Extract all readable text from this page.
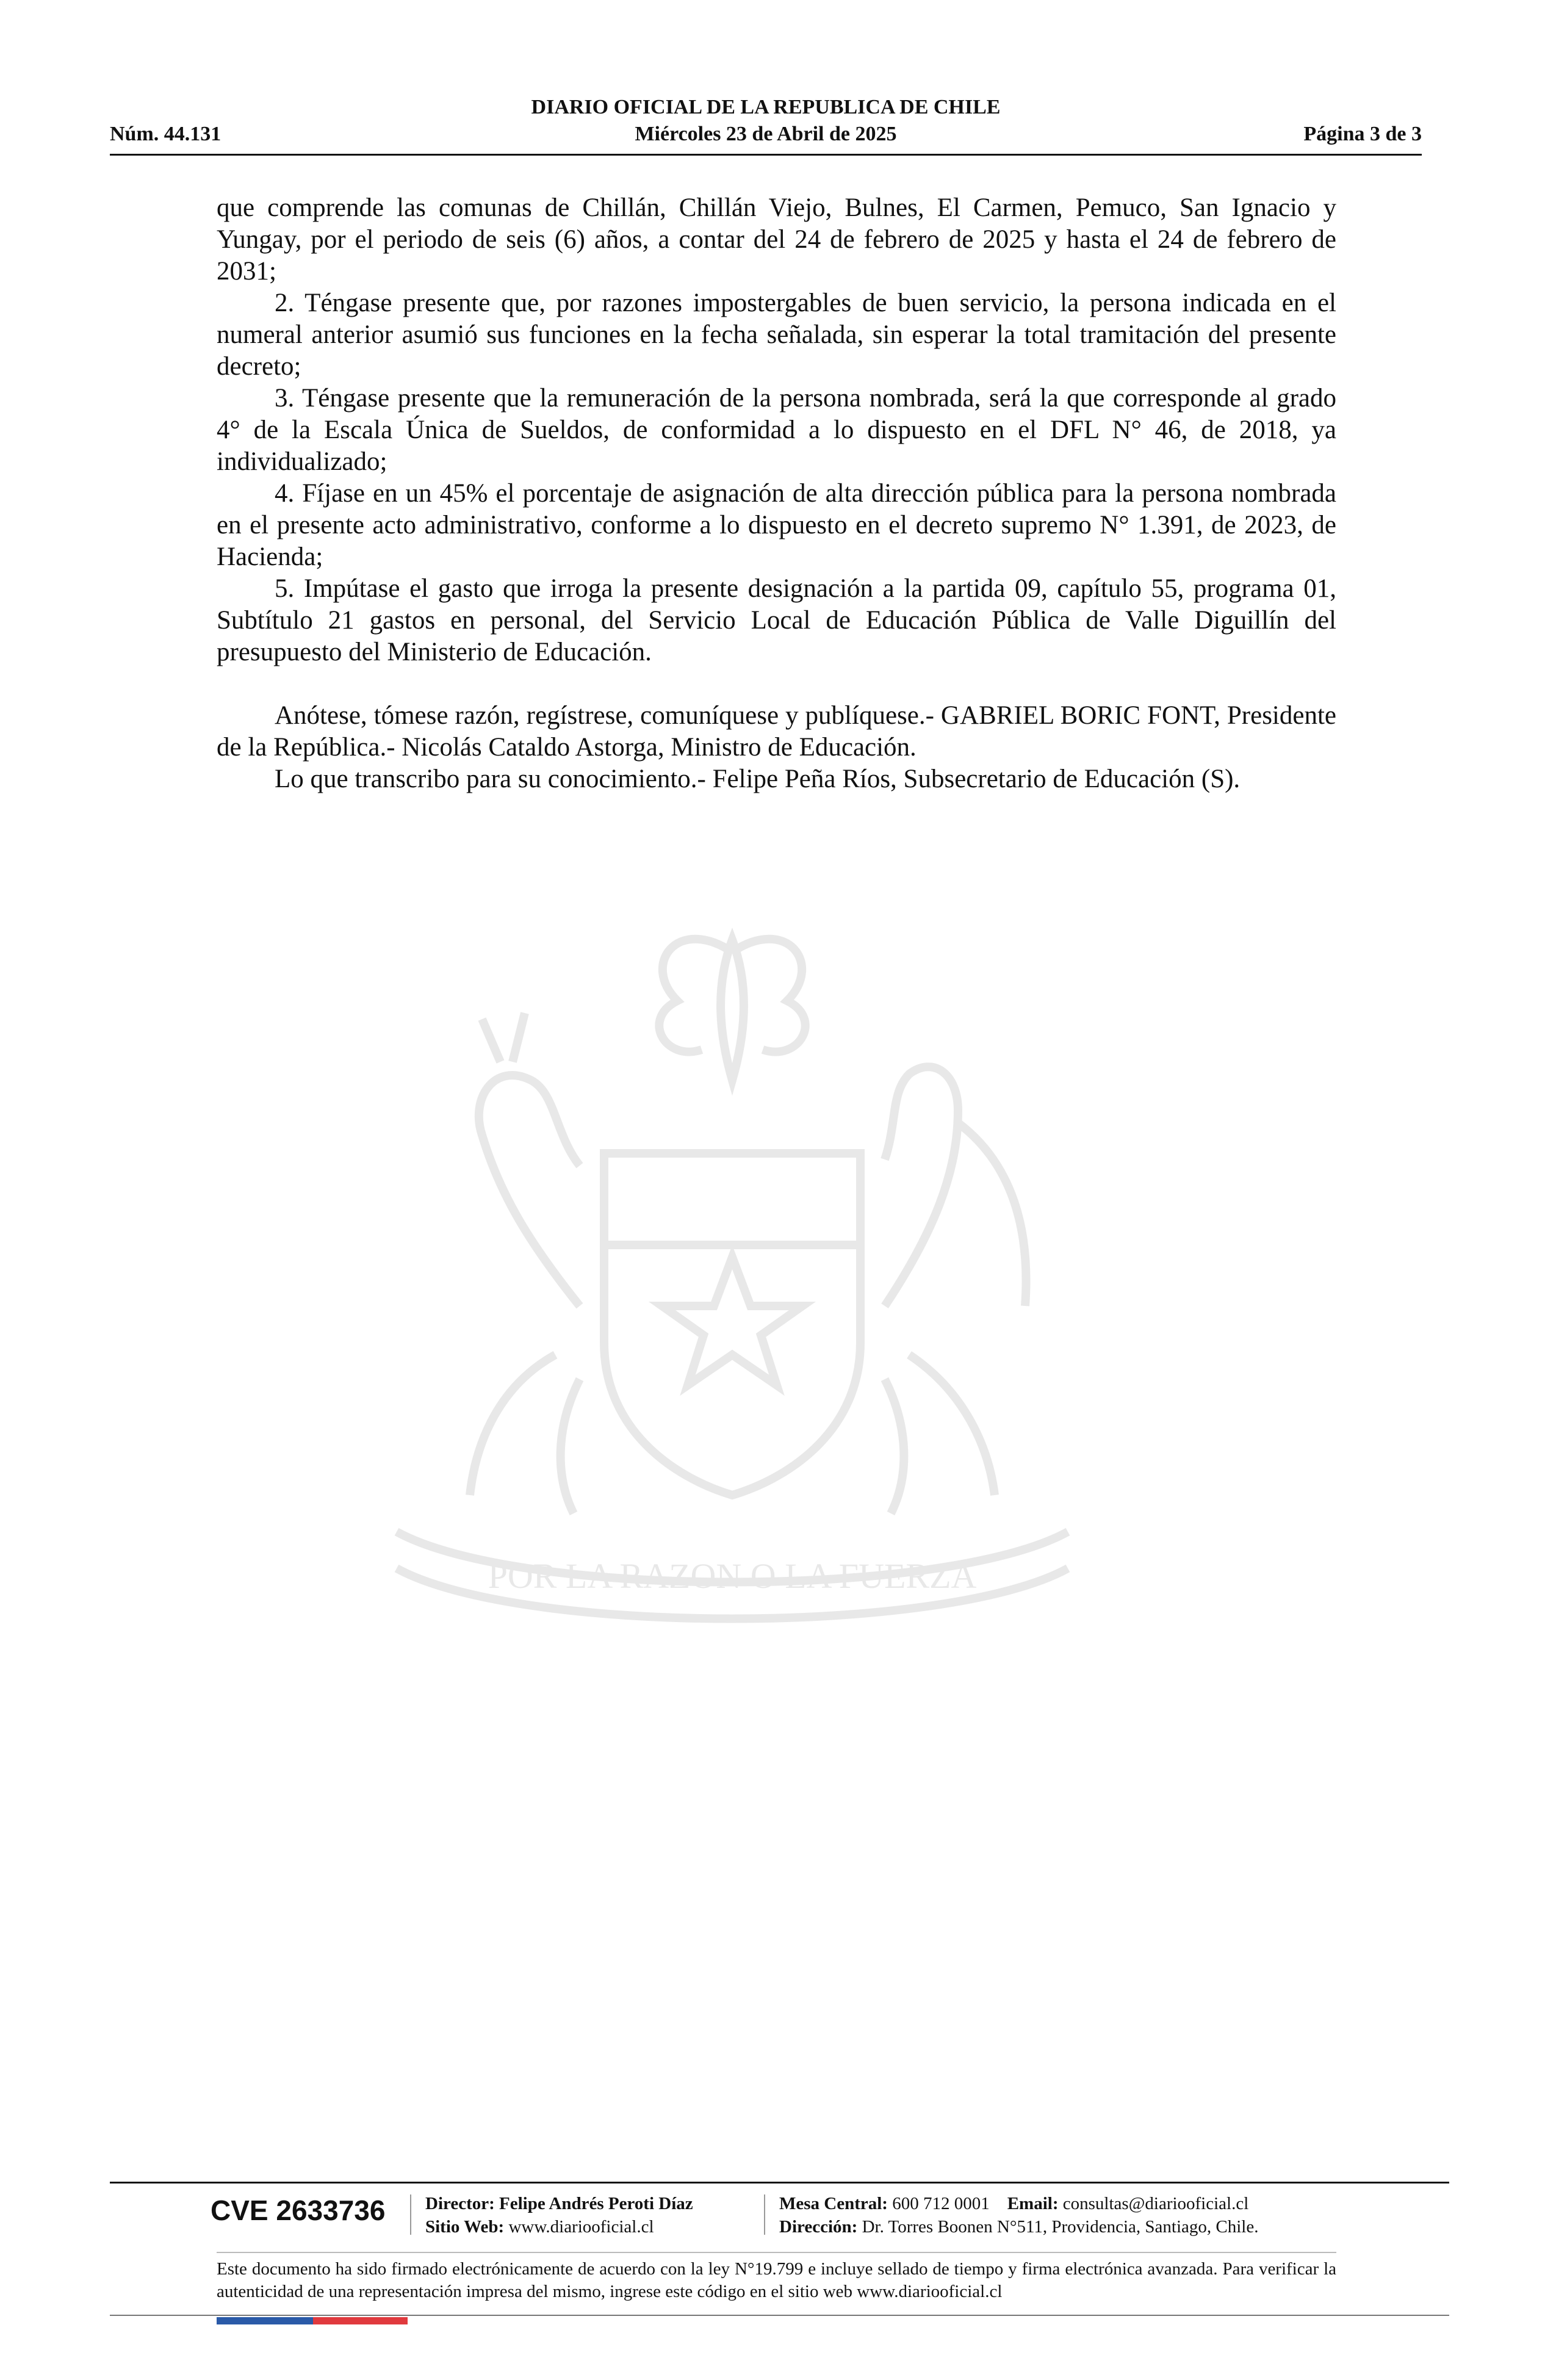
DIARIO OFICIAL DE LA REPUBLICA DE CHILE
Núm. 44.131	Miércoles 23 de Abril de 2025	Página 3 de 3
POR LA RAZON O LA FUERZA

que comprende las comunas de Chillán, Chillán Viejo, Bulnes, El Carmen, Pemuco, San Ignacio y Yungay, por el periodo de seis (6) años, a contar del 24 de febrero de 2025 y hasta el 24 de febrero de 2031;

2. Téngase presente que, por razones impostergables de buen servicio, la persona indicada en el numeral anterior asumió sus funciones en la fecha señalada, sin esperar la total tramitación del presente decreto;

3. Téngase presente que la remuneración de la persona nombrada, será la que corresponde al grado 4° de la Escala Única de Sueldos, de conformidad a lo dispuesto en el DFL N° 46, de 2018, ya individualizado;

4. Fíjase en un 45% el porcentaje de asignación de alta dirección pública para la persona nombrada en el presente acto administrativo, conforme a lo dispuesto en el decreto supremo N° 1.391, de 2023, de Hacienda;

5. Impútase el gasto que irroga la presente designación a la partida 09, capítulo 55, programa 01, Subtítulo 21 gastos en personal, del Servicio Local de Educación Pública de Valle Diguillín del presupuesto del Ministerio de Educación.

Anótese, tómese razón, regístrese, comuníquese y publíquese.- GABRIEL BORIC FONT, Presidente de la República.- Nicolás Cataldo Astorga, Ministro de Educación.

Lo que transcribo para su conocimiento.- Felipe Peña Ríos, Subsecretario de Educación (S).

CVE 2633736 Director: Felipe Andrés Peroti Díaz
Sitio Web: www.diariooficial.cl
Mesa Central: 600 712 0001 Email: consultas@diariooficial.cl
Dirección: Dr. Torres Boonen N°511, Providencia, Santiago, Chile.
Este documento ha sido firmado electrónicamente de acuerdo con la ley N°19.799 e incluye sellado de tiempo y firma electrónica avanzada. Para verificar la autenticidad de una representación impresa del mismo, ingrese este código en el sitio web www.diariooficial.cl
